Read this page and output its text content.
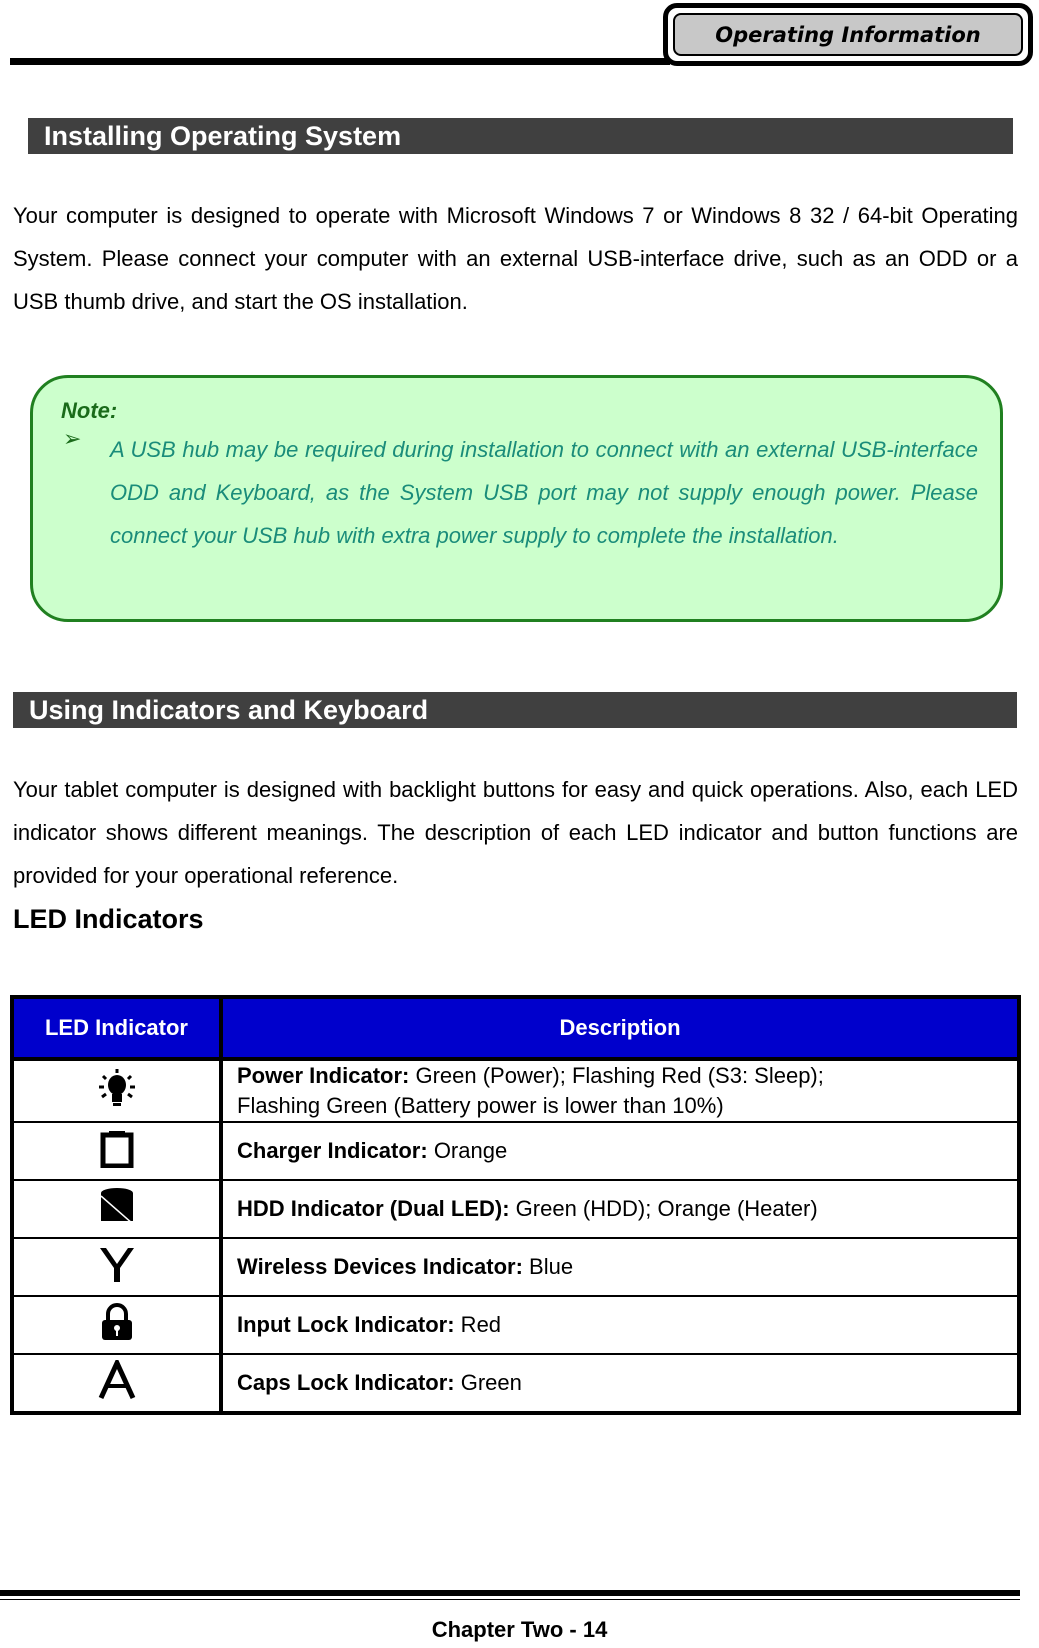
Operating Information
Installing Operating System

Your computer is designed to operate with Microsoft Windows 7 or Windows 8 32 / 64-bit Operating System. Please connect your computer with an external USB-interface drive, such as an ODD or a USB thumb drive, and start the OS installation.

Note:
➢ A USB hub may be required during installation to connect with an external USB-interface ODD and Keyboard, as the System USB port may not supply enough power. Please connect your USB hub with extra power supply to complete the installation.

Using Indicators and Keyboard

Your tablet computer is designed with backlight buttons for easy and quick operations. Also, each LED indicator shows different meanings. The description of each LED indicator and button functions are provided for your operational reference.

LED Indicators
LED Indicator	Description

Power Indicator: Green (Power); Flashing Red (S3: Sleep);
Flashing Green (Battery power is lower than 10%)

	Charger Indicator: Orange
	HDD Indicator (Dual LED): Green (HDD); Orange (Heater)
	Wireless Devices Indicator: Blue
	Input Lock Indicator: Red
	Caps Lock Indicator: Green
Chapter Two - 14
